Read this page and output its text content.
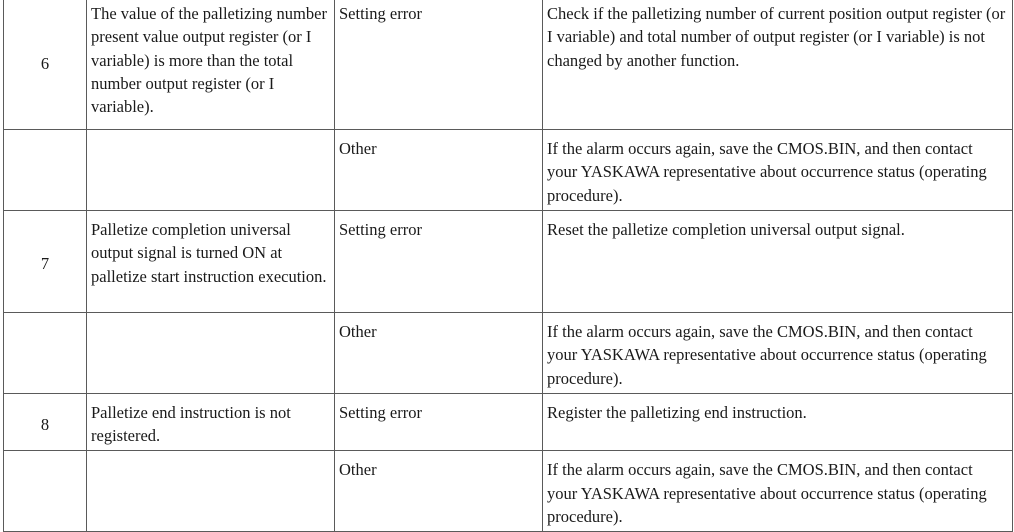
6	The value of the palletizing number present value output register (or I variable) is more than the total number output register (or I variable).	Setting error	Check if the palletizing number of current position output register (or I variable) and total number of output register (or I variable) is not changed by another function.
		Other	If the alarm occurs again, save the CMOS.BIN, and then contact your YASKAWA representative about occurrence status (operating procedure).
7	Palletize completion universal output signal is turned ON at palletize start instruction execution.	Setting error	Reset the palletize completion universal output signal.
		Other	If the alarm occurs again, save the CMOS.BIN, and then contact your YASKAWA representative about occurrence status (operating procedure).
8	Palletize end instruction is not registered.	Setting error	Register the palletizing end instruction.
		Other	If the alarm occurs again, save the CMOS.BIN, and then contact your YASKAWA representative about occurrence status (operating procedure).
